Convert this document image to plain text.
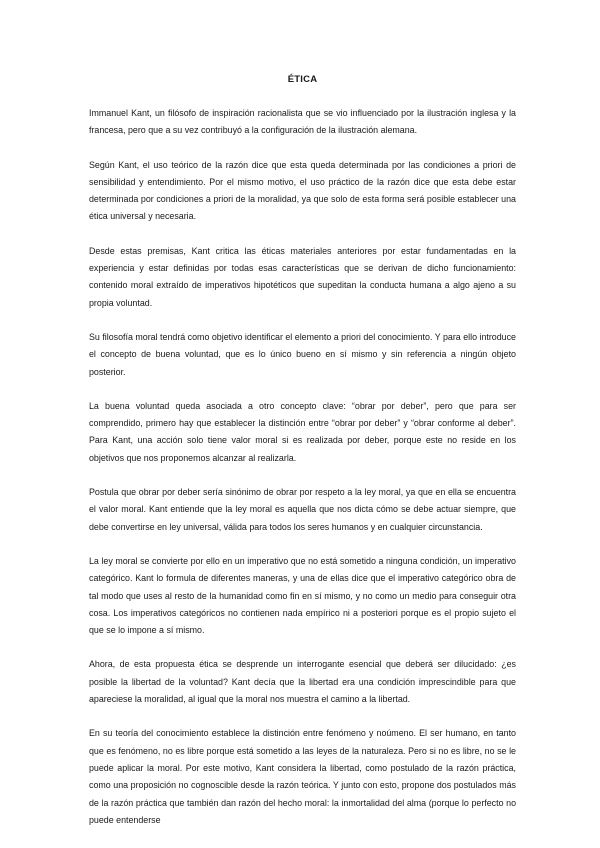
ÉTICA

Immanuel Kant, un filósofo de inspiración racionalista que se vio influenciado por la ilustración inglesa y la francesa, pero que a su vez contribuyó a la configuración de la ilustración alemana.

Según Kant, el uso teórico de la razón dice que esta queda determinada por las condiciones a priori de sensibilidad y entendimiento. Por el mismo motivo, el uso práctico de la razón dice que esta debe estar determinada por condiciones a priori de la moralidad, ya que solo de esta forma será posible establecer una ética universal y necesaria.

Desde estas premisas, Kant critica las éticas materiales anteriores por estar fundamentadas en la experiencia y estar definidas por todas esas características que se derivan de dicho funcionamiento: contenido moral extraído de imperativos hipotéticos que supeditan la conducta humana a algo ajeno a su propia voluntad.

Su filosofía moral tendrá como objetivo identificar el elemento a priori del conocimiento. Y para ello introduce el concepto de buena voluntad, que es lo único bueno en sí mismo y sin referencia a ningún objeto posterior.

La buena voluntad queda asociada a otro concepto clave: “obrar por deber”, pero que para ser comprendido, primero hay que establecer la distinción entre “obrar por deber” y “obrar conforme al deber”. Para Kant, una acción solo tiene valor moral si es realizada por deber, porque este no reside en los objetivos que nos proponemos alcanzar al realizarla.

Postula que obrar por deber sería sinónimo de obrar por respeto a la ley moral, ya que en ella se encuentra el valor moral. Kant entiende que la ley moral es aquella que nos dicta cómo se debe actuar siempre, que debe convertirse en ley universal, válida para todos los seres humanos y en cualquier circunstancia.

La ley moral se convierte por ello en un imperativo que no está sometido a ninguna condición, un imperativo categórico. Kant lo formula de diferentes maneras, y una de ellas dice que el imperativo categórico obra de tal modo que uses al resto de la humanidad como fin en sí mismo, y no como un medio para conseguir otra cosa. Los imperativos categóricos no contienen nada empírico ni a posteriori porque es el propio sujeto el que se lo impone a sí mismo.

Ahora, de esta propuesta ética se desprende un interrogante esencial que deberá ser dilucidado: ¿es posible la libertad de la voluntad? Kant decía que la libertad era una condición imprescindible para que apareciese la moralidad, al igual que la moral nos muestra el camino a la libertad.

En su teoría del conocimiento establece la distinción entre fenómeno y noúmeno. El ser humano, en tanto que es fenómeno, no es libre porque está sometido a las leyes de la naturaleza. Pero si no es libre, no se le puede aplicar la moral. Por este motivo, Kant considera la libertad, como postulado de la razón práctica, como una proposición no cognoscible desde la razón teórica. Y junto con esto, propone dos postulados más de la razón práctica que también dan razón del hecho moral: la inmortalidad del alma (porque lo perfecto no puede entenderse
